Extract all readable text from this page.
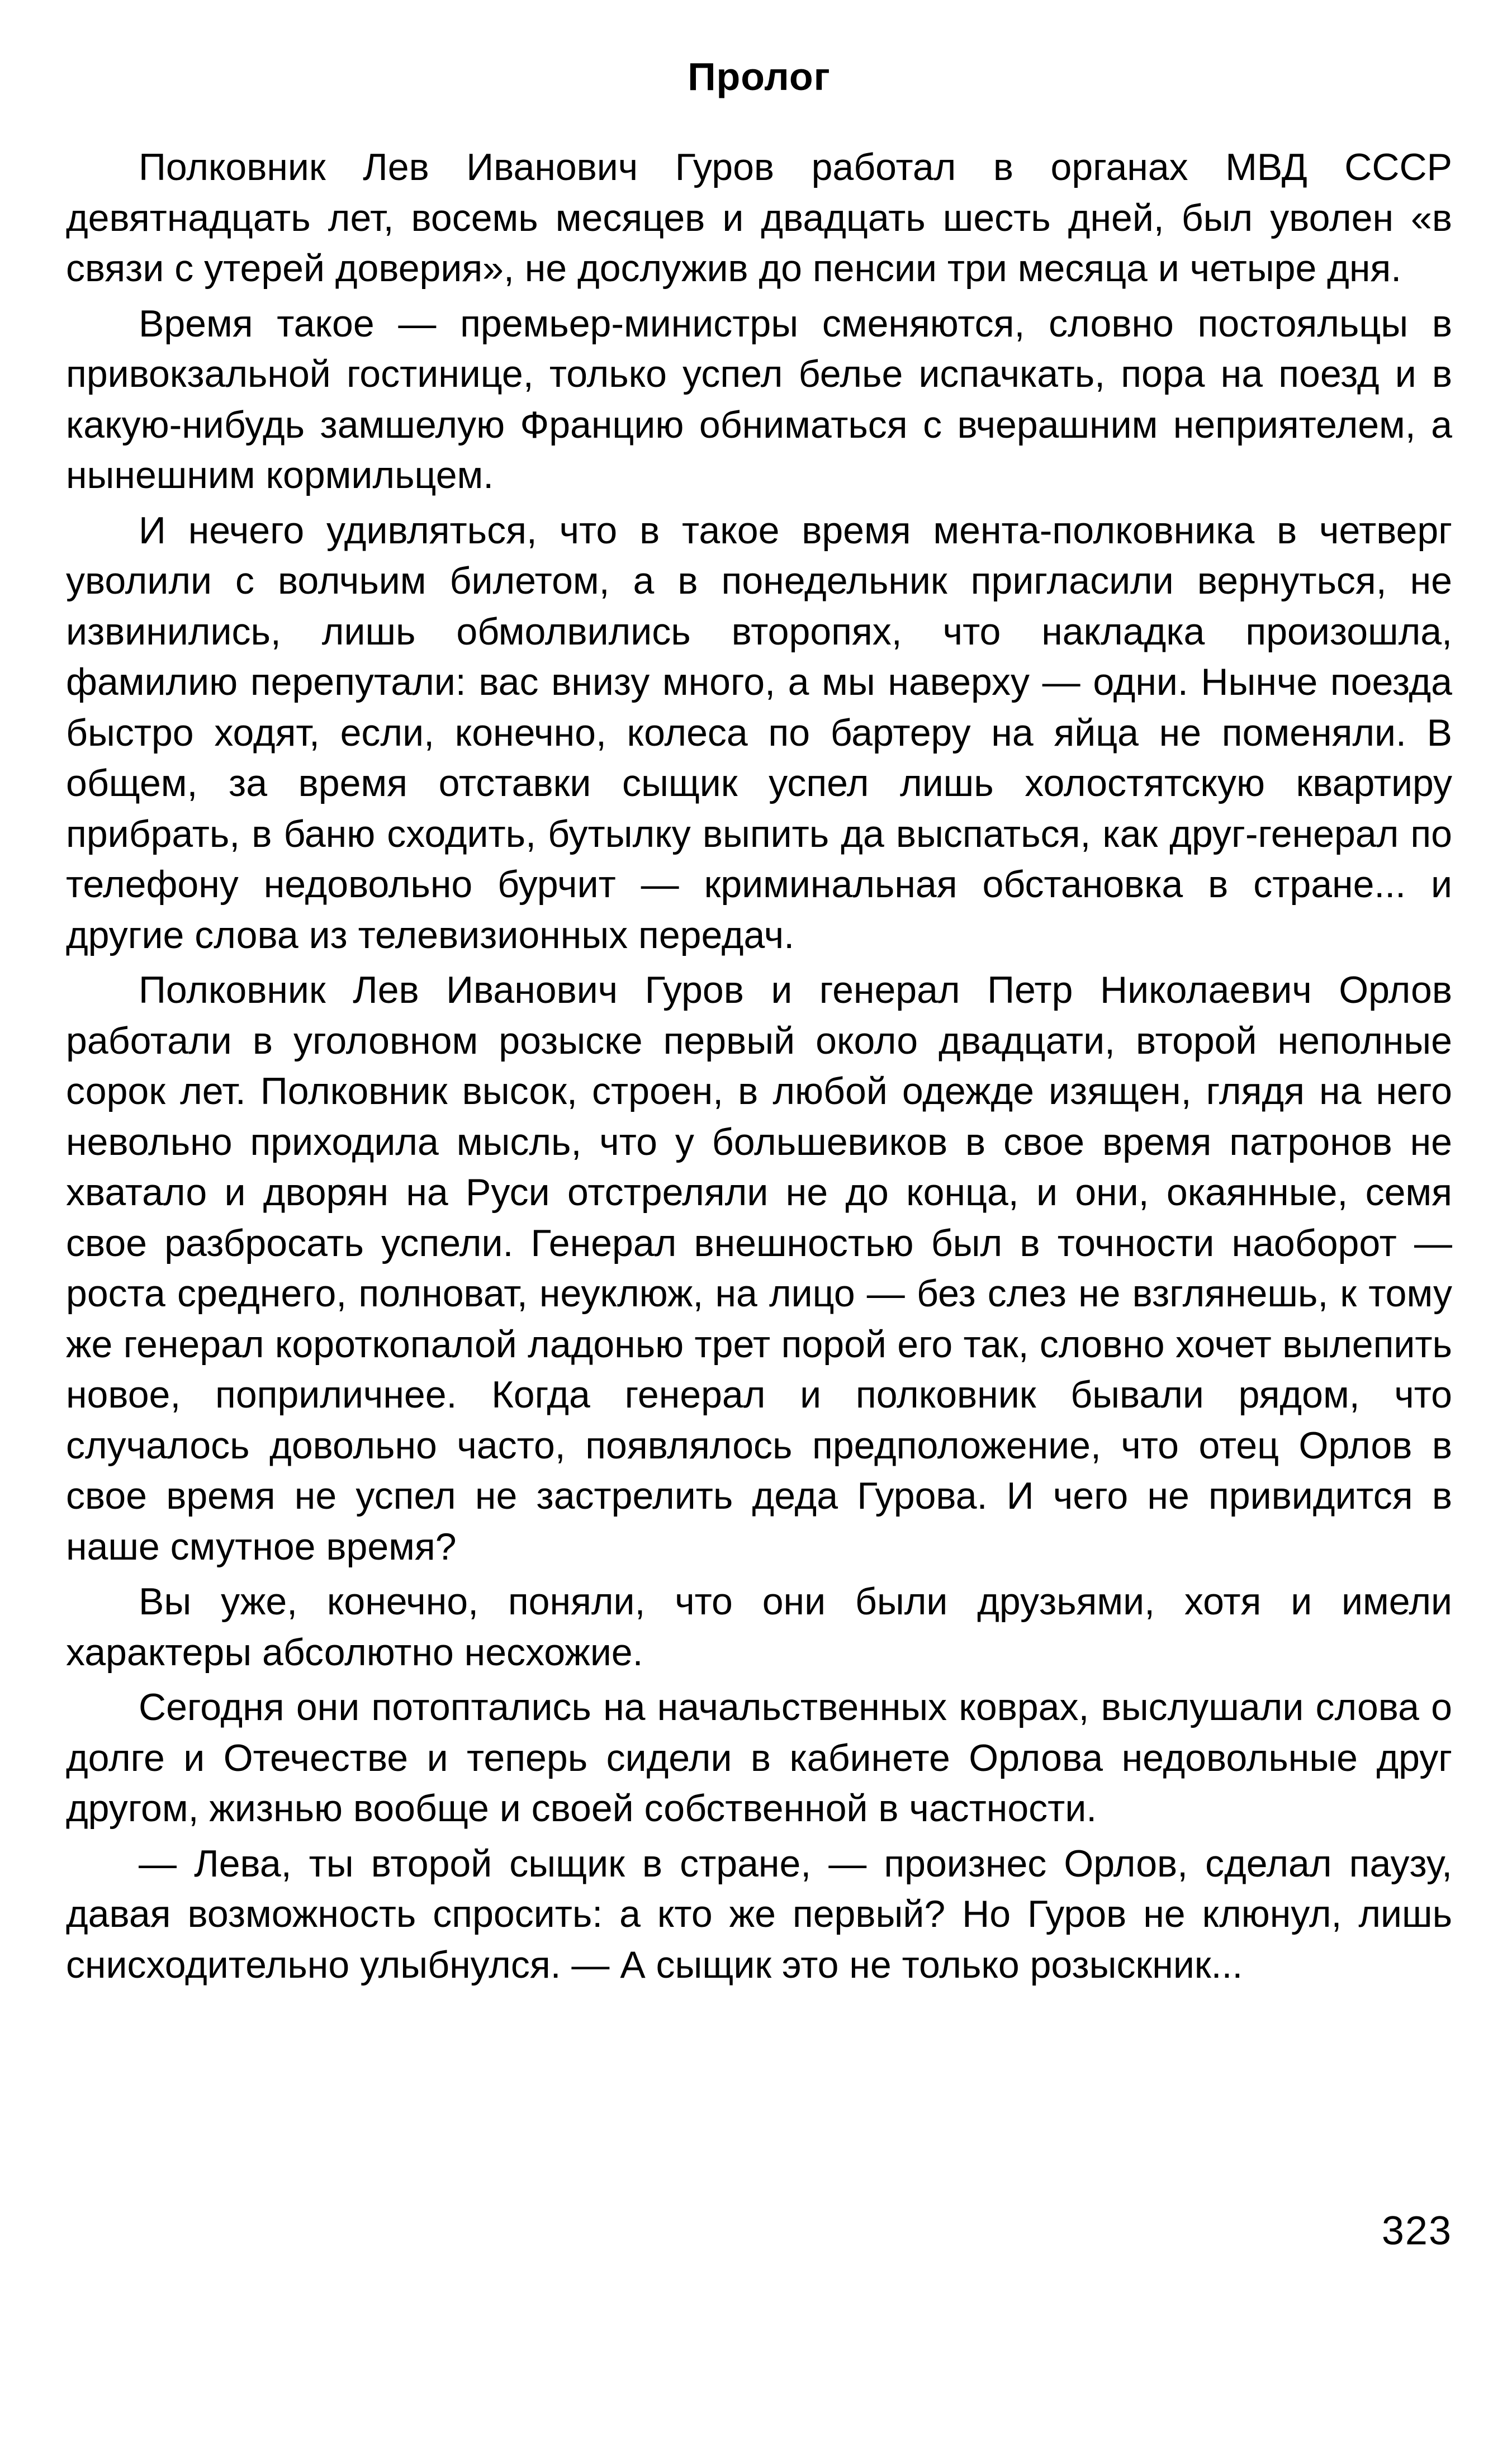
Пролог

Полковник Лев Иванович Гуров работал в органах МВД СССР девятнадцать лет, восемь месяцев и двадцать шесть дней, был уволен «в связи с утерей доверия», не дослужив до пенсии три месяца и четыре дня.

Время такое — премьер-министры сменяются, словно постояльцы в привокзальной гостинице, только успел белье испачкать, пора на поезд и в какую-нибудь замшелую Францию обниматься с вчерашним неприятелем, а нынешним кормильцем.

И нечего удивляться, что в такое время мента-полковника в четверг уволили с волчьим билетом, а в понедельник пригласили вернуться, не извинились, лишь обмолвились второпях, что накладка произошла, фамилию перепутали: вас внизу много, а мы наверху — одни. Нынче поезда быстро ходят, если, конечно, колеса по бартеру на яйца не поменяли. В общем, за время отставки сыщик успел лишь холостятскую квартиру прибрать, в баню сходить, бутылку выпить да выспаться, как друг-генерал по телефону недовольно бурчит — криминальная обстановка в стране... и другие слова из телевизионных передач.

Полковник Лев Иванович Гуров и генерал Петр Николаевич Орлов работали в уголовном розыске первый около двадцати, второй неполные сорок лет. Полковник высок, строен, в любой одежде изящен, глядя на него невольно приходила мысль, что у большевиков в свое время патронов не хватало и дворян на Руси отстреляли не до конца, и они, окаянные, семя свое разбросать успели. Генерал внешностью был в точности наоборот — роста среднего, полноват, неуклюж, на лицо — без слез не взглянешь, к тому же генерал короткопалой ладонью трет порой его так, словно хочет вылепить новое, поприличнее. Когда генерал и полковник бывали рядом, что случалось довольно часто, появлялось предположение, что отец Орлов в свое время не успел не застрелить деда Гурова. И чего не привидится в наше смутное время?

Вы уже, конечно, поняли, что они были друзьями, хотя и имели характеры абсолютно несхожие.

Сегодня они потоптались на начальственных коврах, выслушали слова о долге и Отечестве и теперь сидели в кабинете Орлова недовольные друг другом, жизнью вообще и своей собственной в частности.

— Лева, ты второй сыщик в стране, — произнес Орлов, сделал паузу, давая возможность спросить: а кто же первый? Но Гуров не клюнул, лишь снисходительно улыбнулся. — А сыщик это не только розыскник...

323
